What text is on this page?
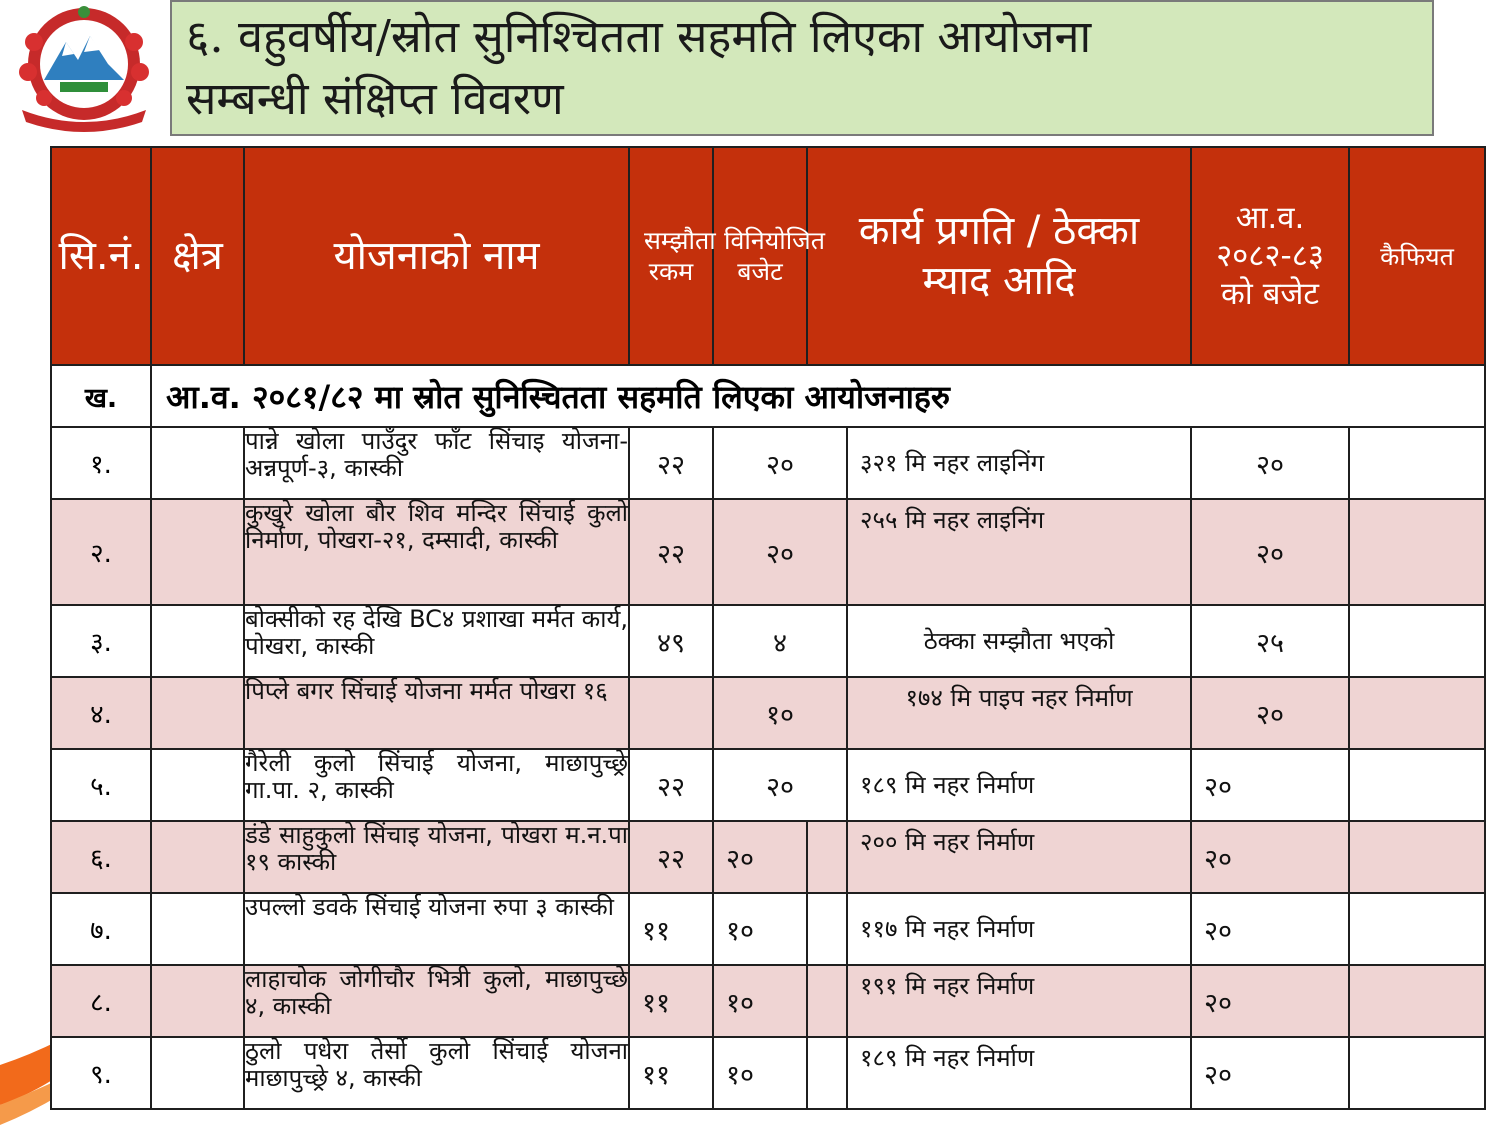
६. वहुवर्षीय/स्रोत सुनिश्चितता सहमति लिएका आयोजना
सम्बन्धी संक्षिप्त विवरण
सि.नं.	क्षेत्र	योजनाको नाम	सम्झौता रकम	विनियोजित बजेट	कार्य प्रगति / ठेक्का म्याद आदि		आ.व. २०८२-८३ को बजेट	कैफियत
ख.	आ.व. २०८१/८२ मा स्रोत सुनिस्चितता सहमति लिएका आयोजनाहरु							
१.		पान्ने खोला पाउँदुर फाँट सिंचाइ योजना-अन्नपूर्ण-३, कास्की	२२	२०		३२१ मि नहर लाइनिंग	२०	
२.		कुखुरे खोला बौर शिव मन्दिर सिंचाई कुलो निर्माण, पोखरा-२१, दम्सादी, कास्की	२२	२०		२५५ मि नहर लाइनिंग	२०	
३.		बोक्सीको रह देखि BC४ प्रशाखा मर्मत कार्य, पोखरा, कास्की	४९	४		ठेक्का सम्झौता भएको	२५	
४.		पिप्ले बगर सिंचाई योजना मर्मत पोखरा १६		१०		१७४ मि पाइप नहर निर्माण	२०	
५.		गैरेली कुलो सिंचाई योजना, माछापुच्छ्रे गा.पा. २, कास्की	२२	२०		१८९ मि नहर निर्माण	२०	
६.		डंडे साहुकुलो सिंचाइ योजना, पोखरा म.न.पा १९ कास्की	२२	२०		२०० मि नहर निर्माण	२०	
७.		उपल्लो डवके सिंचाई योजना रुपा ३ कास्की	११	१०		११७ मि नहर निर्माण	२०	
८.		लाहाचोक जोगीचौर भित्री कुलो, माछापुच्छे ४, कास्की	११	१०		१९१ मि नहर निर्माण	२०	
९.		ठुलो पधेरा तेर्सो कुलो सिंचाई योजना माछापुच्छ्रे ४, कास्की	११	१०		१८९ मि नहर निर्माण	२०	
